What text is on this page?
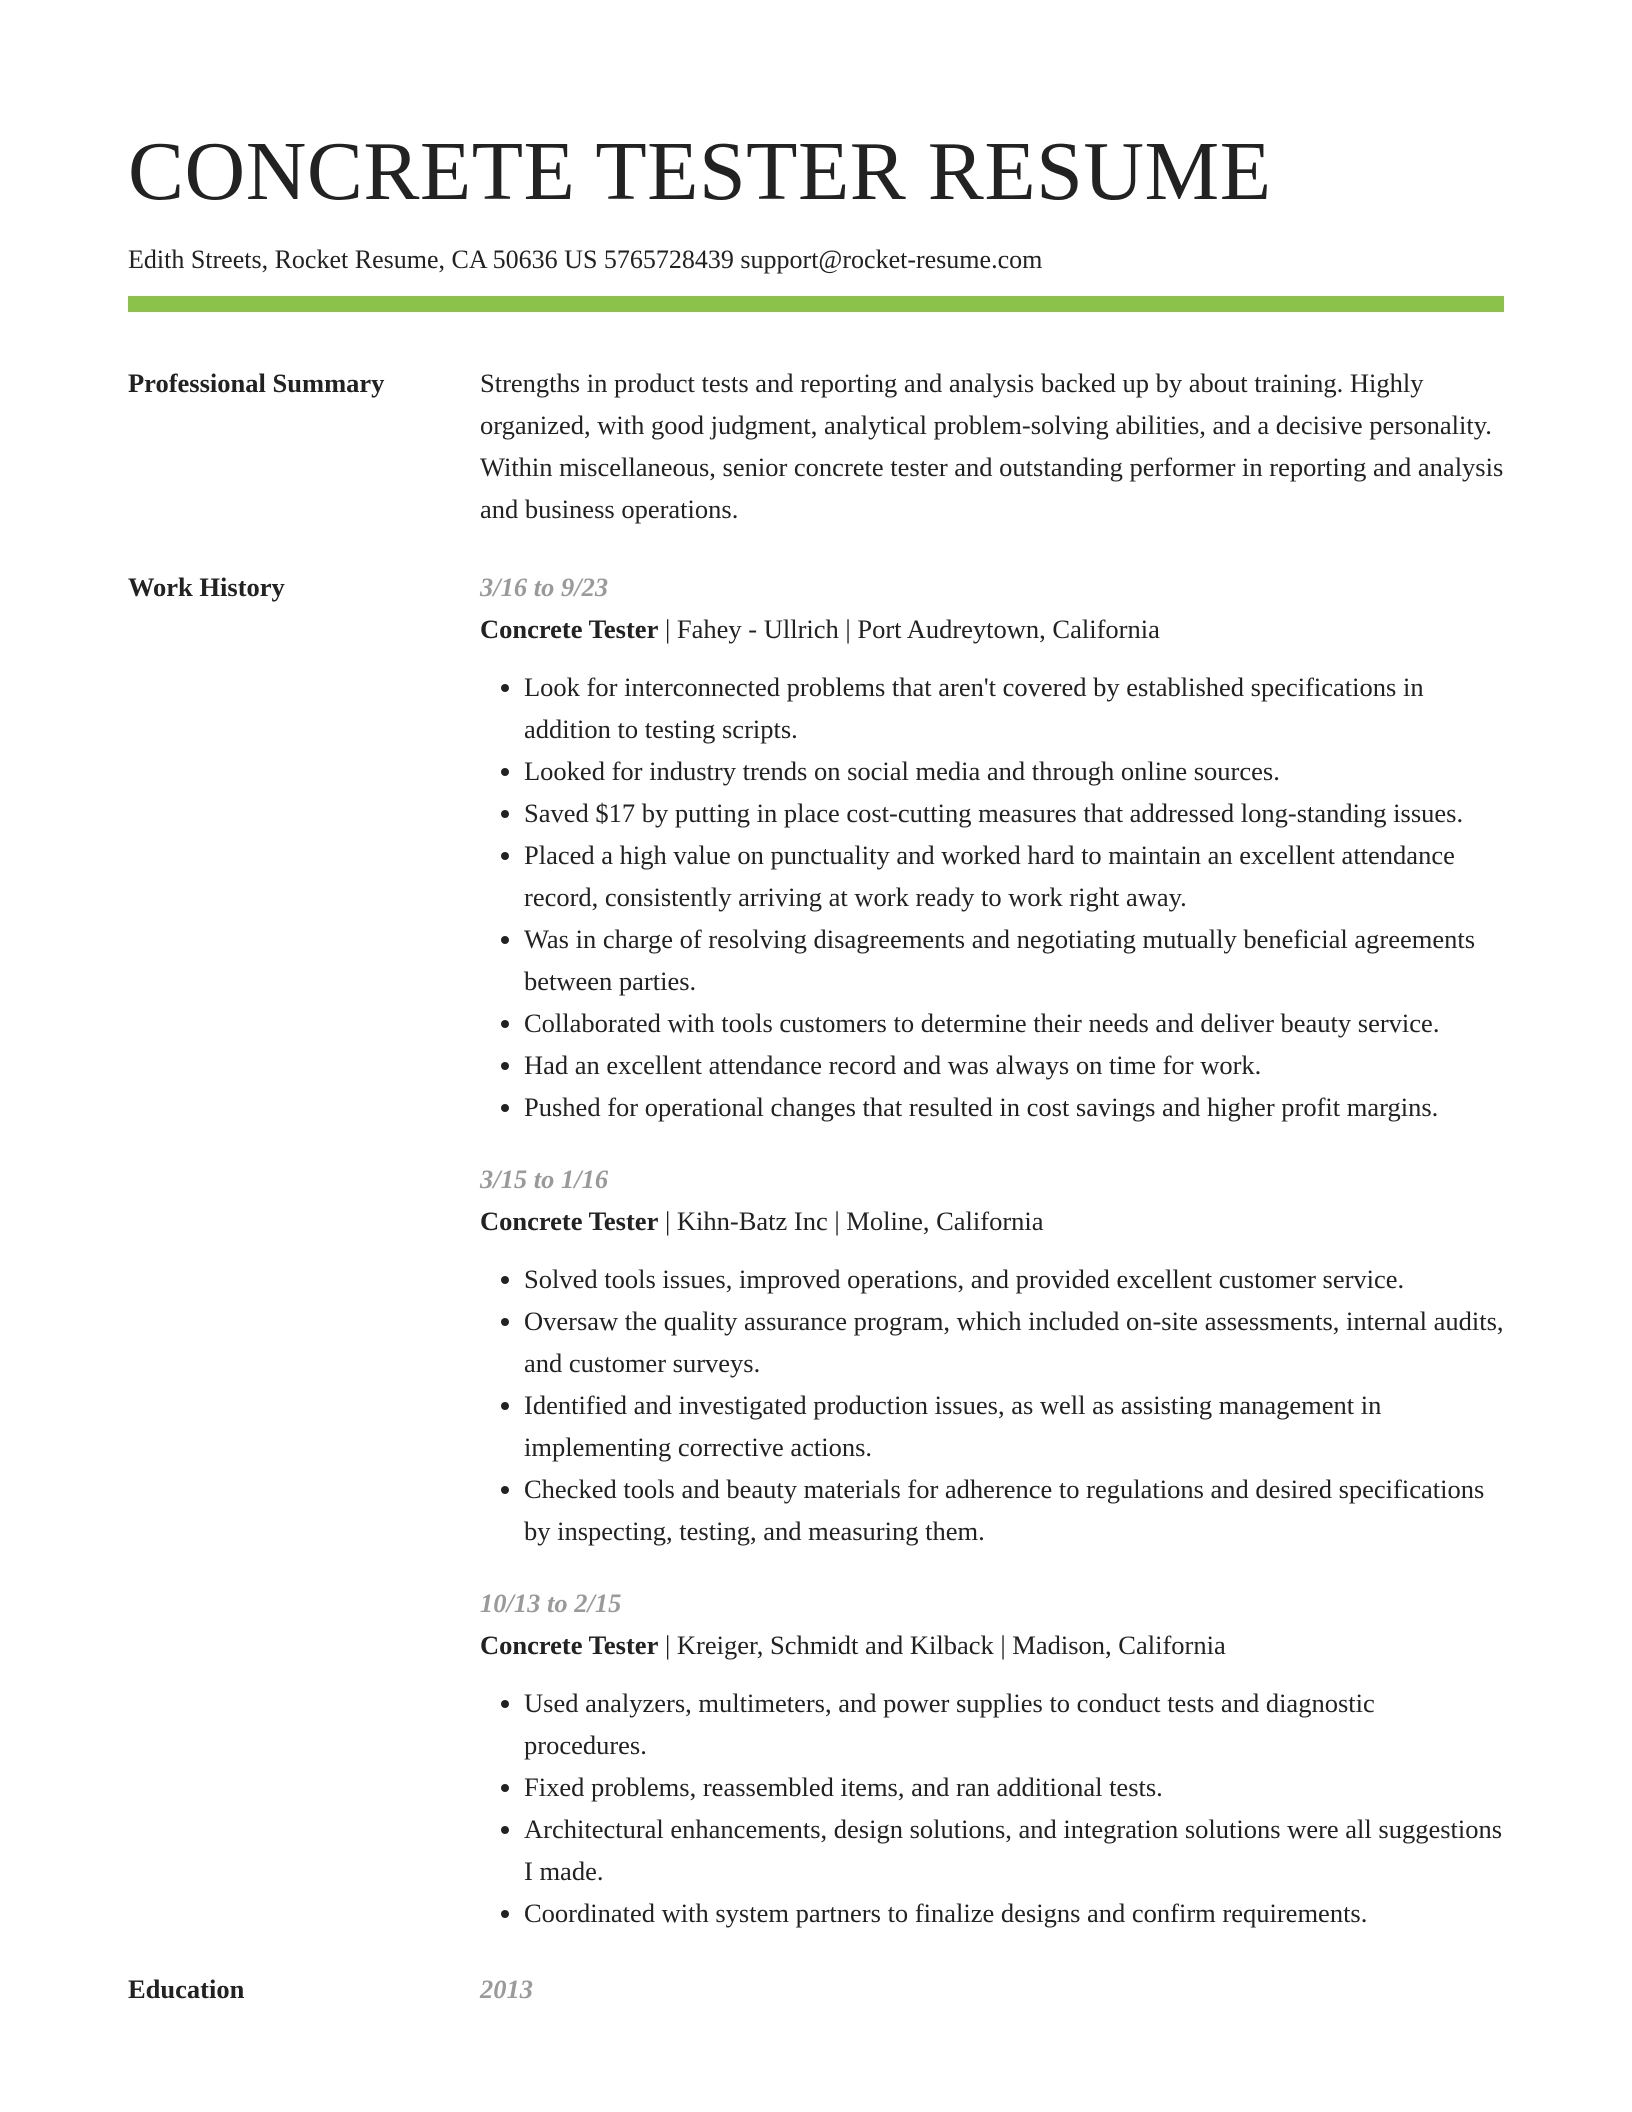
CONCRETE TESTER RESUME
Edith Streets, Rocket Resume, CA 50636 US 5765728439 support@rocket-resume.com
Professional Summary	Strengths in product tests and reporting and analysis backed up by about training. Highly organized, with good judgment, analytical problem-solving abilities, and a decisive personality. Within miscellaneous, senior concrete tester and outstanding performer in reporting and analysis and business operations.
Work History	3/16 to 9/23
Concrete Tester | Fahey - Ullrich | Port Audreytown, California
• Look for interconnected problems that aren't covered by established specifications in addition to testing scripts.
• Looked for industry trends on social media and through online sources.
• Saved $17 by putting in place cost-cutting measures that addressed long-standing issues.
• Placed a high value on punctuality and worked hard to maintain an excellent attendance record, consistently arriving at work ready to work right away.
• Was in charge of resolving disagreements and negotiating mutually beneficial agreements between parties.
• Collaborated with tools customers to determine their needs and deliver beauty service.
• Had an excellent attendance record and was always on time for work.
• Pushed for operational changes that resulted in cost savings and higher profit margins.
3/15 to 1/16
Concrete Tester | Kihn-Batz Inc | Moline, California
• Solved tools issues, improved operations, and provided excellent customer service.
• Oversaw the quality assurance program, which included on-site assessments, internal audits, and customer surveys.
• Identified and investigated production issues, as well as assisting management in implementing corrective actions.
• Checked tools and beauty materials for adherence to regulations and desired specifications by inspecting, testing, and measuring them.
10/13 to 2/15
Concrete Tester | Kreiger, Schmidt and Kilback | Madison, California
• Used analyzers, multimeters, and power supplies to conduct tests and diagnostic procedures.
• Fixed problems, reassembled items, and ran additional tests.
• Architectural enhancements, design solutions, and integration solutions were all suggestions I made.
• Coordinated with system partners to finalize designs and confirm requirements.
Education	2013
